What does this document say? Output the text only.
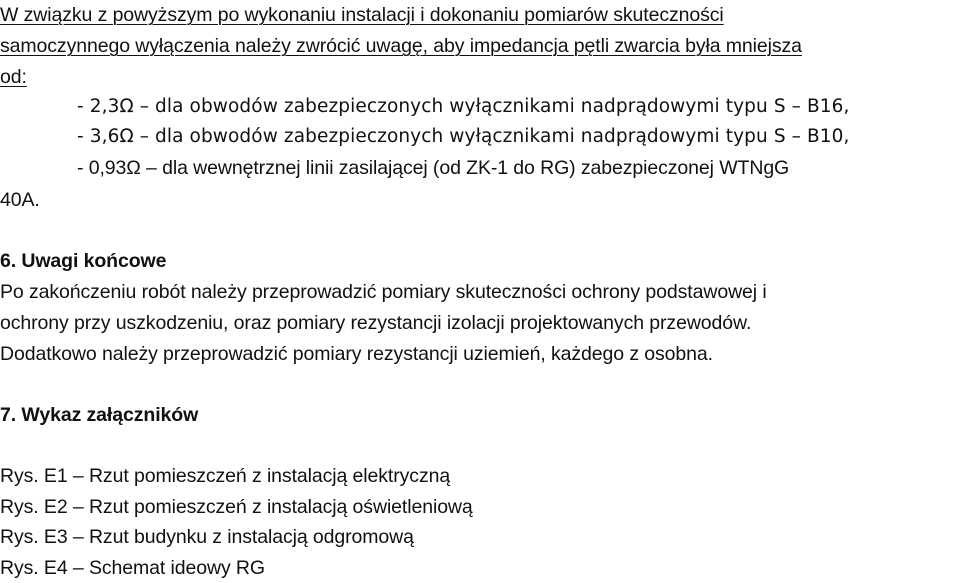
W związku z powyższym po wykonaniu instalacji i dokonaniu pomiarów skuteczności
samoczynnego wyłączenia należy zwrócić uwagę, aby impedancja pętli zwarcia była mniejsza
od:
- 2,3Ω – dla obwodów zabezpieczonych wyłącznikami nadprądowymi typu S – B16,
- 3,6Ω – dla obwodów zabezpieczonych wyłącznikami nadprądowymi typu S – B10,
- 0,93Ω – dla wewnętrznej linii zasilającej (od ZK-1 do RG) zabezpieczonej WTNgG
40A.
6. Uwagi końcowe
Po zakończeniu robót należy przeprowadzić pomiary skuteczności ochrony podstawowej i
ochrony przy uszkodzeniu, oraz pomiary rezystancji izolacji projektowanych przewodów.
Dodatkowo należy przeprowadzić pomiary rezystancji uziemień, każdego z osobna.
7. Wykaz załączników
Rys. E1 – Rzut pomieszczeń z instalacją elektryczną
Rys. E2 – Rzut pomieszczeń z instalacją oświetleniową
Rys. E3 – Rzut budynku z instalacją odgromową
Rys. E4 – Schemat ideowy RG
